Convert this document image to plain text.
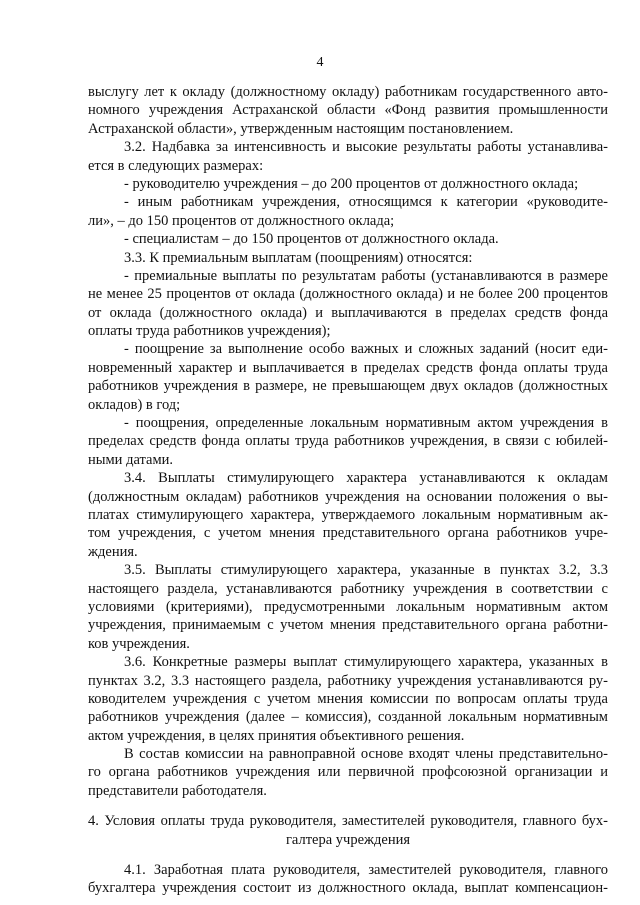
4
выслугу лет к окладу (должностному окладу) работникам государственного авто-
номного учреждения Астраханской области «Фонд развития промышленности
Астраханской области», утвержденным настоящим постановлением.
3.2. Надбавка за интенсивность и высокие результаты работы устанавлива-
ется в следующих размерах:
- руководителю учреждения – до 200 процентов от должностного оклада;
- иным работникам учреждения, относящимся к категории «руководите-
ли», – до 150 процентов от должностного оклада;
- специалистам – до 150 процентов от должностного оклада.
3.3. К премиальным выплатам (поощрениям) относятся:
- премиальные выплаты по результатам работы (устанавливаются в размере
не менее 25 процентов от оклада (должностного оклада) и не более 200 процентов
от оклада (должностного оклада) и выплачиваются в пределах средств фонда
оплаты труда работников учреждения);
- поощрение за выполнение особо важных и сложных заданий (носит еди-
новременный характер и выплачивается в пределах средств фонда оплаты труда
работников учреждения в размере, не превышающем двух окладов (должностных
окладов) в год;
- поощрения, определенные локальным нормативным актом учреждения в
пределах средств фонда оплаты труда работников учреждения, в связи с юбилей-
ными датами.
3.4. Выплаты стимулирующего характера устанавливаются к окладам
(должностным окладам) работников учреждения на основании положения о вы-
платах стимулирующего характера, утверждаемого локальным нормативным ак-
том учреждения, с учетом мнения представительного органа работников учре-
ждения.
3.5. Выплаты стимулирующего характера, указанные в пунктах 3.2, 3.3
настоящего раздела, устанавливаются работнику учреждения в соответствии с
условиями (критериями), предусмотренными локальным нормативным актом
учреждения, принимаемым с учетом мнения представительного органа работни-
ков учреждения.
3.6. Конкретные размеры выплат стимулирующего характера, указанных в
пунктах 3.2, 3.3 настоящего раздела, работнику учреждения устанавливаются ру-
ководителем учреждения с учетом мнения комиссии по вопросам оплаты труда
работников учреждения (далее – комиссия), созданной локальным нормативным
актом учреждения, в целях принятия объективного решения.
В состав комиссии на равноправной основе входят члены представительно-
го органа работников учреждения или первичной профсоюзной организации и
представители работодателя.
4. Условия оплаты труда руководителя, заместителей руководителя, главного бух-
галтера учреждения
4.1. Заработная плата руководителя, заместителей руководителя, главного
бухгалтера учреждения состоит из должностного оклада, выплат компенсацион-
